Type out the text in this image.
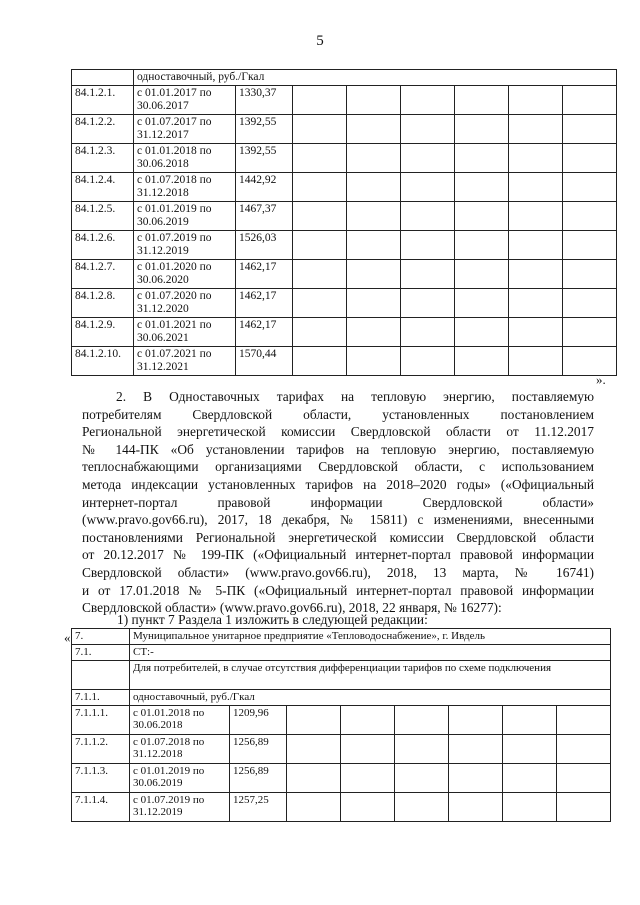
5
	одноставочный, руб./Гкал							
84.1.2.1.	с 01.01.2017 по 30.06.2017	1330,37						
84.1.2.2.	с 01.07.2017 по 31.12.2017	1392,55						
84.1.2.3.	с 01.01.2018 по 30.06.2018	1392,55						
84.1.2.4.	с 01.07.2018 по 31.12.2018	1442,92						
84.1.2.5.	с 01.01.2019 по 30.06.2019	1467,37						
84.1.2.6.	с 01.07.2019 по 31.12.2019	1526,03						
84.1.2.7.	с 01.01.2020 по 30.06.2020	1462,17						
84.1.2.8.	с 01.07.2020 по 31.12.2020	1462,17						
84.1.2.9.	с 01.01.2021 по 30.06.2021	1462,17						
84.1.2.10.	с 01.07.2021 по 31.12.2021	1570,44						
».
2. В Одноставочных тарифах на тепловую энергию, поставляемую
потребителям Свердловской области, установленных постановлением
Региональной энергетической комиссии Свердловской области от 11.12.2017
№ 144-ПК «Об установлении тарифов на тепловую энергию, поставляемую
теплоснабжающими организациями Свердловской области, с использованием
метода индексации установленных тарифов на 2018–2020 годы» («Официальный
интернет-портал правовой информации Свердловской области»
(www.pravo.gov66.ru), 2017, 18 декабря, № 15811) с изменениями, внесенными
постановлениями Региональной энергетической комиссии Свердловской области
от 20.12.2017 № 199-ПК («Официальный интернет-портал правовой информации
Свердловской области» (www.pravo.gov66.ru), 2018, 13 марта, № 16741)
и от 17.01.2018 № 5-ПК («Официальный интернет-портал правовой информации
Свердловской области» (www.pravo.gov66.ru), 2018, 22 января, № 16277):
1) пункт 7 Раздела 1 изложить в следующей редакции:
« 7.	Муниципальное унитарное предприятие «Тепловодоснабжение», г. Ивдель							
7.1.	СТ:-							
	Для потребителей, в случае отсутствия дифференциации тарифов по схеме подключения							
7.1.1.	одноставочный, руб./Гкал							
7.1.1.1.	с 01.01.2018 по 30.06.2018	1209,96						
7.1.1.2.	с 01.07.2018 по 31.12.2018	1256,89						
7.1.1.3.	с 01.01.2019 по 30.06.2019	1256,89						
7.1.1.4.	с 01.07.2019 по 31.12.2019	1257,25						
